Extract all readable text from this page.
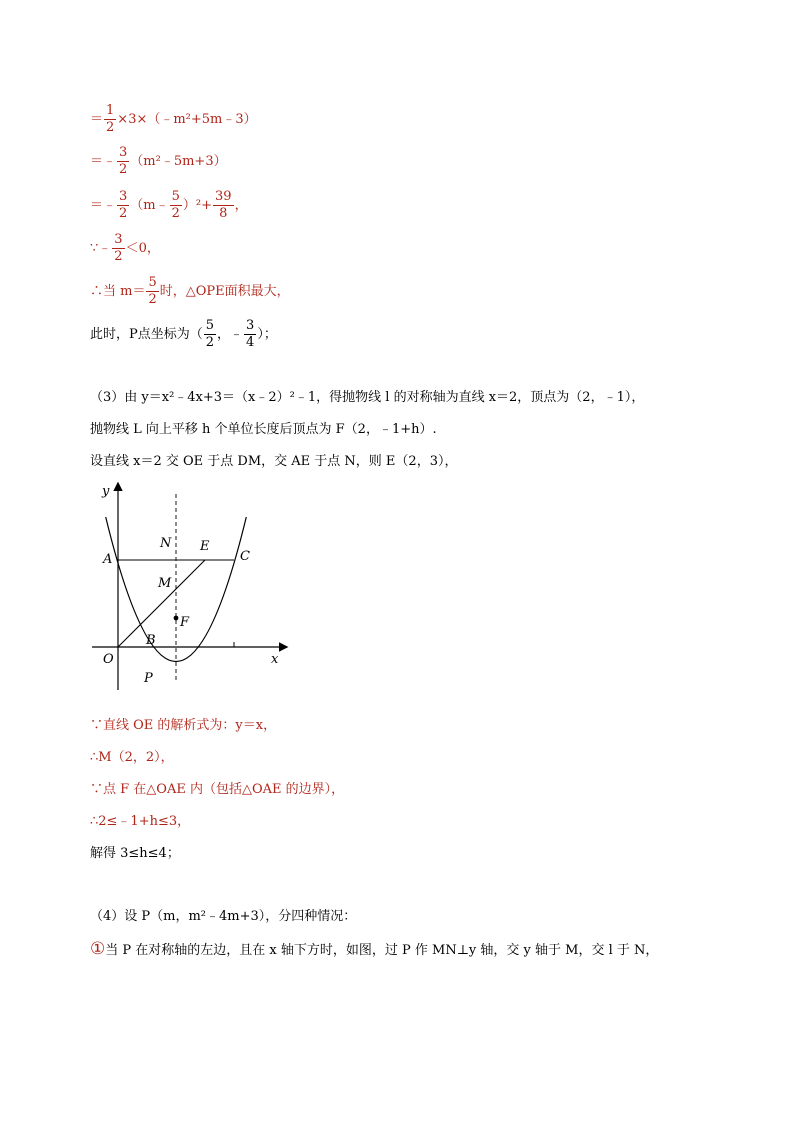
＝ $\frac{1}{2}$ ×3×（﹣m²+5m﹣3）
＝﹣ $\frac{3}{2}$ （m²﹣5m+3）
＝﹣ $\frac{3}{2}$ （m﹣ $\frac{5}{2} )^2+ \frac{39}{8}$ ，
∵﹣ $\frac{3}{2} <0$，
∴当 $m= \frac{5}{2}$ 时，△OPE面积最大，
此时，P点坐标为（ $\frac{5}{2}$ ，﹣ $\frac{3}{4}$ ）；
（3）由 y＝x²﹣4x+3＝（x﹣2）²﹣1，得抛物线 l 的对称轴为直线 x＝2，顶点为（2，﹣1），
抛物线 L 向上平移 h 个单位长度后顶点为 F（2，﹣1+h）.
设直线 x＝2 交 OE 于点 DM，交 AE 于点 N，则 E（2，3），
y
x
O
A
N E
C
M
F
B
P
∵直线 OE 的解析式为：y＝x，
∴M（2，2），
∵点 F 在△OAE 内（包括△OAE 的边界），
∴2≤﹣1+h≤3，
解得 3≤h≤4；
（4）设 P（m，m²﹣4m+3），分四种情况：
①当 P 在对称轴的左边，且在 x 轴下方时，如图，过 P 作 MN⊥y 轴，交 y 轴于 M，交 l 于 N，
